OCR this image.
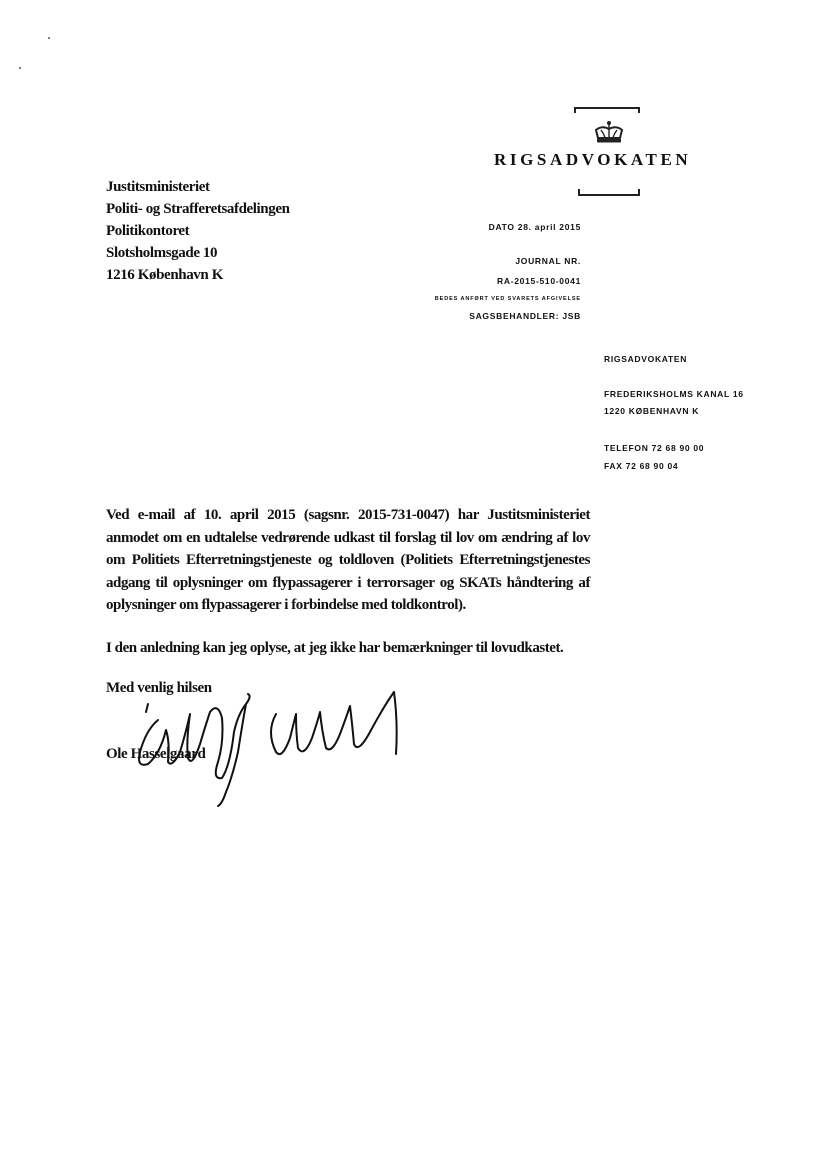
RIGSADVOKATEN
Justitsministeriet
Politi- og Strafferetsafdelingen
Politikontoret
Slotsholmsgade 10
1216 København K
DATO 28. april 2015
JOURNAL NR.
RA-2015-510-0041
BEDES ANFØRT VED SVARETS AFGIVELSE
SAGSBEHANDLER: JSB
RIGSADVOKATEN
FREDERIKSHOLMS KANAL 16
1220 KØBENHAVN K
TELEFON 72 68 90 00
FAX 72 68 90 04

Ved e-mail af 10. april 2015 (sagsnr. 2015-731-0047) har Justitsministeriet anmodet om en udtalelse vedrørende udkast til forslag til lov om ændring af lov om Politiets Efterretningstjeneste og toldloven (Politiets Efterretningstjenestes adgang til oplysninger om flypassagerer i terrorsager og SKATs håndtering af oplysninger om flypassagerer i forbindelse med toldkontrol).

I den anledning kan jeg oplyse, at jeg ikke har bemærkninger til lovudkastet.

Med venlig hilsen
Ole Hasselgaard
